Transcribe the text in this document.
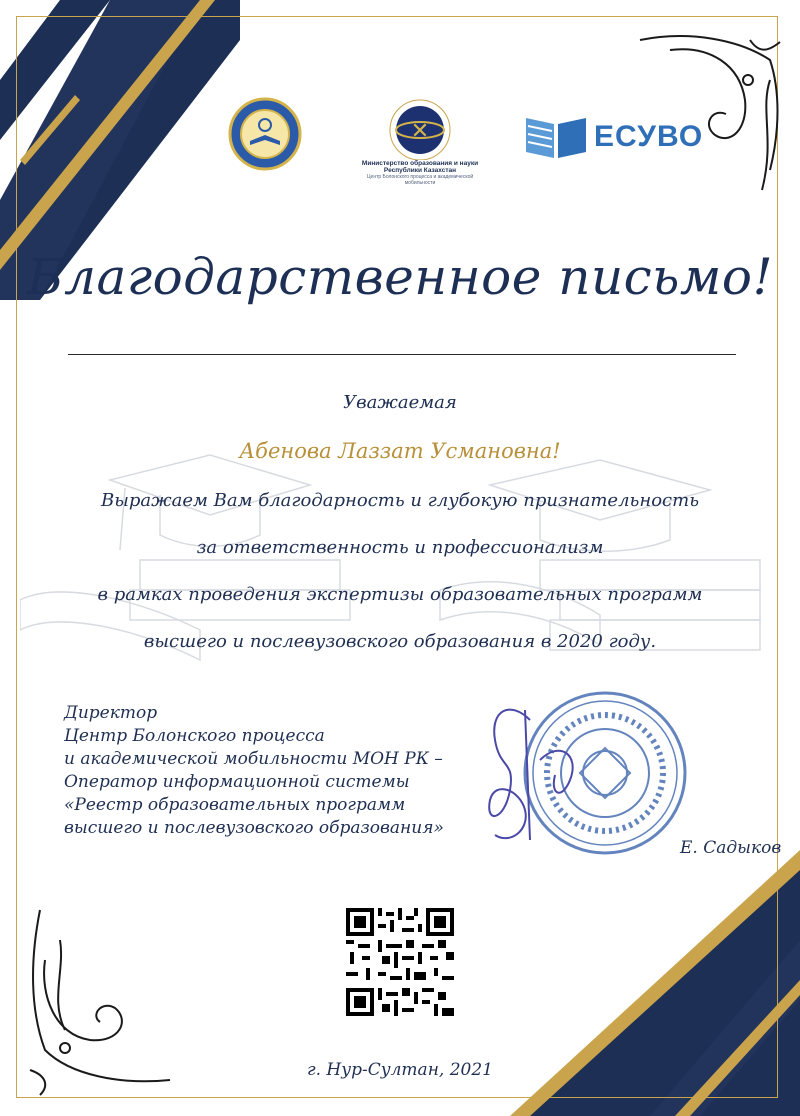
✕
Министерство образования и науки
Республики Казахстан
Центр Болонского процесса и академической мобильности
ЕСУВО
Благодарственное письмо!
Уважаемая
Абенова Лаззат Усмановна!
Выражаем Вам благодарность и глубокую признательность
за ответственность и профессионализм
в рамках проведения экспертизы образовательных программ
высшего и послевузовского образования в 2020 году.
Директор
Центр Болонского процесса
и академической мобильности МОН РК –
Оператор информационной системы
«Реестр образовательных программ
высшего и послевузовского образования»
Е. Садыков
г. Нур-Султан, 2021
